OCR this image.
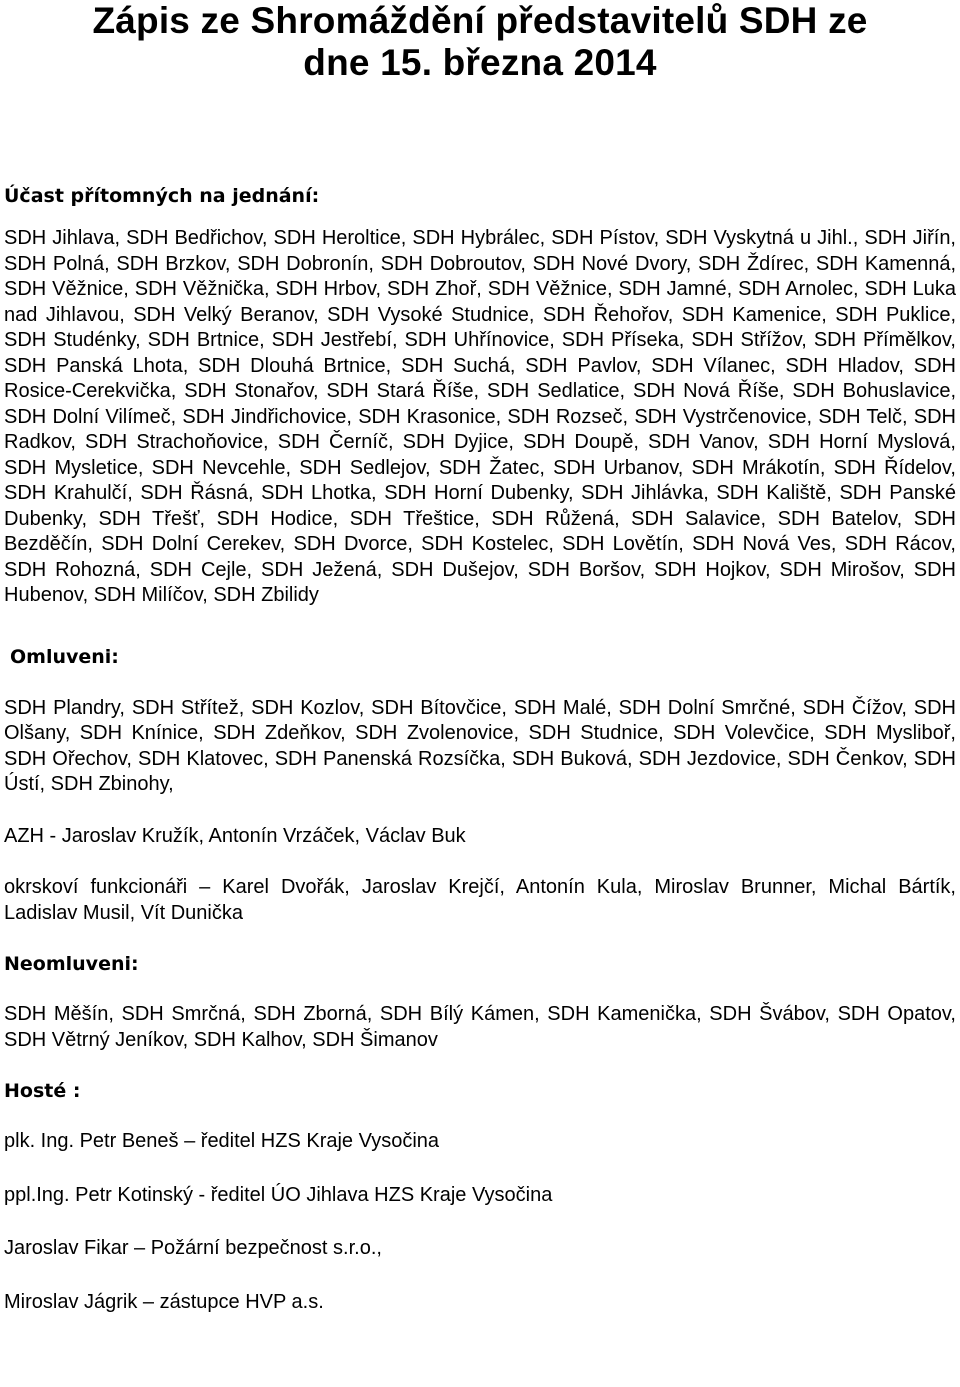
Zápis ze Shromáždění představitelů SDH ze
dne 15. března 2014

Účast přítomných na jednání:

SDH Jihlava, SDH Bedřichov, SDH Heroltice, SDH Hybrálec, SDH Pístov, SDH Vyskytná u Jihl., SDH Jiřín, SDH Polná, SDH Brzkov, SDH Dobronín, SDH Dobroutov, SDH Nové Dvory, SDH Ždírec, SDH Kamenná, SDH Věžnice, SDH Věžnička, SDH Hrbov, SDH Zhoř, SDH Věžnice, SDH Jamné, SDH Arnolec, SDH Luka nad Jihlavou, SDH Velký Beranov, SDH Vysoké Studnice, SDH Řehořov, SDH Kamenice, SDH Puklice, SDH Studénky, SDH Brtnice, SDH Jestřebí, SDH Uhřínovice, SDH Příseka, SDH Střížov, SDH Přímělkov, SDH Panská Lhota, SDH Dlouhá Brtnice, SDH Suchá, SDH Pavlov, SDH Vílanec, SDH Hladov, SDH Rosice-Cerekvička, SDH Stonařov, SDH Stará Říše, SDH Sedlatice, SDH Nová Říše, SDH Bohuslavice, SDH Dolní Vilímeč, SDH Jindřichovice, SDH Krasonice, SDH Rozseč, SDH Vystrčenovice, SDH Telč, SDH Radkov, SDH Strachoňovice, SDH Černíč, SDH Dyjice, SDH Doupě, SDH Vanov, SDH Horní Myslová, SDH Mysletice, SDH Nevcehle, SDH Sedlejov, SDH Žatec, SDH Urbanov, SDH Mrákotín, SDH Řídelov, SDH Krahulčí, SDH Řásná, SDH Lhotka, SDH Horní Dubenky, SDH Jihlávka, SDH Kaliště, SDH Panské Dubenky, SDH Třešť, SDH Hodice, SDH Třeštice, SDH Růžená, SDH Salavice, SDH Batelov, SDH Bezděčín, SDH Dolní Cerekev, SDH Dvorce, SDH Kostelec, SDH Lovětín, SDH Nová Ves, SDH Rácov, SDH Rohozná, SDH Cejle, SDH Ježená, SDH Dušejov, SDH Boršov, SDH Hojkov, SDH Mirošov, SDH Hubenov, SDH Milíčov, SDH Zbilidy

Omluveni:

SDH Plandry, SDH Střítež, SDH Kozlov, SDH Bítovčice, SDH Malé, SDH Dolní Smrčné, SDH Čížov, SDH Olšany, SDH Knínice, SDH Zdeňkov, SDH Zvolenovice, SDH Studnice, SDH Volevčice, SDH Mysliboř, SDH Ořechov, SDH Klatovec, SDH Panenská Rozsíčka, SDH Buková, SDH Jezdovice, SDH Čenkov, SDH Ústí, SDH Zbinohy,

AZH - Jaroslav Kružík, Antonín Vrzáček, Václav Buk

okrskoví funkcionáři – Karel Dvořák, Jaroslav Krejčí, Antonín Kula, Miroslav Brunner, Michal Bártík, Ladislav Musil, Vít Dunička

Neomluveni:

SDH Měšín, SDH Smrčná, SDH Zborná, SDH Bílý Kámen, SDH Kamenička, SDH Švábov, SDH Opatov, SDH Větrný Jeníkov, SDH Kalhov, SDH Šimanov

Hosté :

plk. Ing. Petr Beneš – ředitel HZS Kraje Vysočina

ppl.Ing. Petr Kotinský - ředitel ÚO Jihlava HZS Kraje Vysočina

Jaroslav Fikar – Požární bezpečnost s.r.o.,

Miroslav Jágrik – zástupce HVP a.s.
